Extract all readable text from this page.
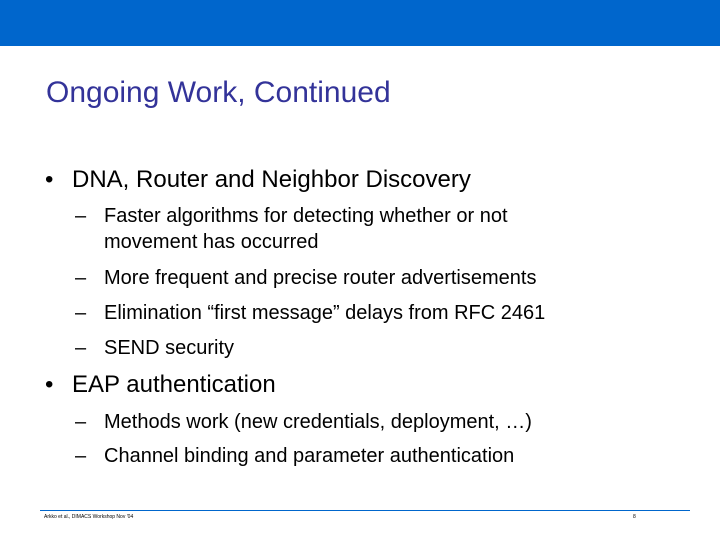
Ongoing Work, Continued
• DNA, Router and Neighbor Discovery
– Faster algorithms for detecting whether or not movement has occurred
– More frequent and precise router advertisements
– Elimination “first message” delays from RFC 2461
– SEND security
• EAP authentication
– Methods work (new credentials, deployment, …)
– Channel binding and parameter authentication
Arkko et al., DIMACS Workshop Nov '04	8
